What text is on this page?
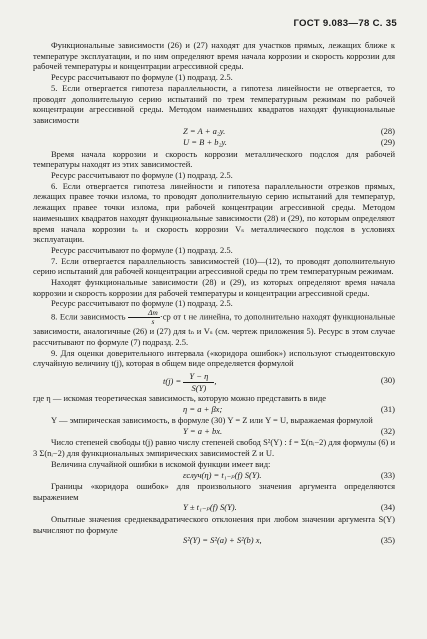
ГОСТ 9.083—78 С. 35

Функциональные зависимости (26) и (27) находят для участков прямых, лежащих ближе к температуре эксплуатации, и по ним определяют время начала коррозии и скорость коррозии для рабочей температуры и концентрации агрессивной среды.

Ресурс рассчитывают по формуле (1) подразд. 2.5.

5. Если отвергается гипотеза параллельности, а гипотеза линейности не отвергается, то проводят дополнительную серию испытаний по трем температурным режимам по рабочей концентрации агрессивной среды. Методом наименьших квадратов находят функциональные зависимости

Z = A + a₂y.	(28)
U = B + b₂y.	(29)

Время начала коррозии и скорость коррозии металлического подслоя для рабочей температуры находят из этих зависимостей.

Ресурс рассчитывают по формуле (1) подразд. 2.5.

6. Если отвергается гипотеза линейности и гипотеза параллельности отрезков прямых, лежащих правее точки излома, то проводят дополнительную серию испытаний для температур, лежащих правее точки излома, при рабочей концентрации агрессивной среды. Методом наименьших квадратов находят функциональные зависимости (28) и (29), по которым определяют время начала коррозии tₙ и скорость коррозии Vₛ металлического подслоя в условиях эксплуатации.

Ресурс рассчитывают по формуле (1) подразд. 2.5.

7. Если отвергается параллельность зависимостей (10)—(12), то проводят дополнительную серию испытаний для рабочей концентрации агрессивной среды по трем температурным режимам.

Находят функциональные зависимости (28) и (29), из которых определяют время начала коррозии и скорость коррозии для рабочей температуры и концентрации агрессивной среды.

Ресурс рассчитывают по формуле (1) подразд. 2.5.

8. Если зависимость $\frac{\Delta m}{s} \cdot ср$ от t не линейна, то дополнительно находят функциональные зависимости, аналогичные (26) и (27) для tₙ и Vₛ (см. чертеж приложения 5). Ресурс в этом случае рассчитывают по формуле (7) подразд. 2.5.

9. Для оценки доверительного интервала («коридора ошибок») используют стьюдентовскую случайную величину t(j), которая в общем виде определяется формулой

$t(j) = \frac{Y - \eta}{S(Y)}$ ,	(30)

где η — искомая теоретическая зависимость, которую можно представить в виде

η = a + βx;	(31)

Y — эмпирическая зависимость, в формуле (30) Y = Z или Y = U, выражаемая формулой

Y = a + bx.	(32)

Число степеней свободы t(j) равно числу степеней свобод S²(Y) : f = Σ(nᵢ−2) для формулы (6) и 3 Σ(nᵢ−2) для функциональных эмпирических зависимостей Z и U.

Величина случайной ошибки в искомой функции имеет вид:

εслуч(η) = t₁₋ₚ(f) S(Y).	(33)

Границы «коридора ошибок» для произвольного значения аргумента определяются выражением

Y ± t₁₋ₚ(f) S(Y).	(34)

Опытные значения среднеквадратического отклонения при любом значении аргумента S(Y) вычисляют по формуле

S²(Y) = S²(a) + S²(b) x,	(35)
